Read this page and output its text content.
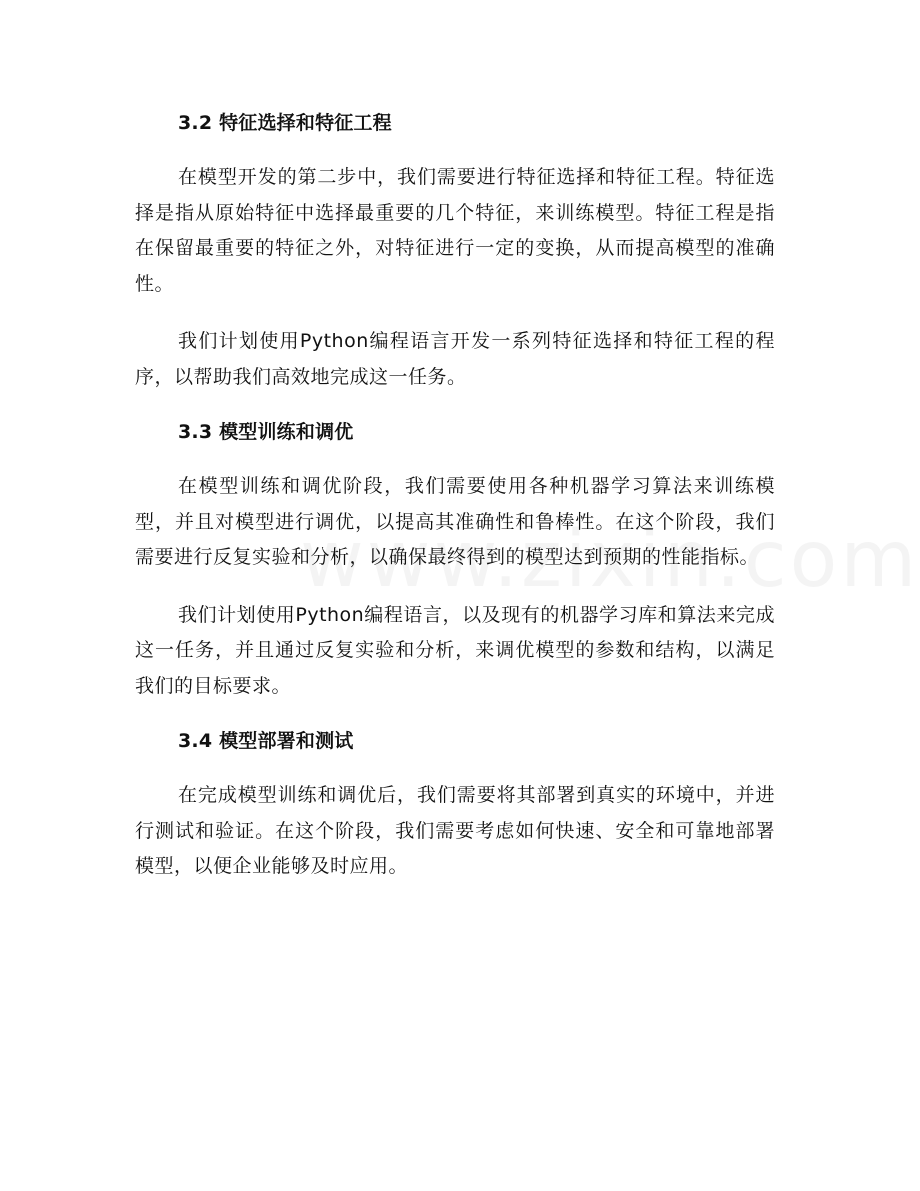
3.2 特征选择和特征工程

在模型开发的第二步中，我们需要进行特征选择和特征工程。特征选择是指从原始特征中选择最重要的几个特征，来训练模型。特征工程是指在保留最重要的特征之外，对特征进行一定的变换，从而提高模型的准确性。

我们计划使用Python编程语言开发一系列特征选择和特征工程的程序，以帮助我们高效地完成这一任务。

3.3 模型训练和调优

在模型训练和调优阶段，我们需要使用各种机器学习算法来训练模型，并且对模型进行调优，以提高其准确性和鲁棒性。在这个阶段，我们需要进行反复实验和分析，以确保最终得到的模型达到预期的性能指标。

我们计划使用Python编程语言，以及现有的机器学习库和算法来完成这一任务，并且通过反复实验和分析，来调优模型的参数和结构，以满足我们的目标要求。

3.4 模型部署和测试

在完成模型训练和调优后，我们需要将其部署到真实的环境中，并进行测试和验证。在这个阶段，我们需要考虑如何快速、安全和可靠地部署模型，以便企业能够及时应用。
